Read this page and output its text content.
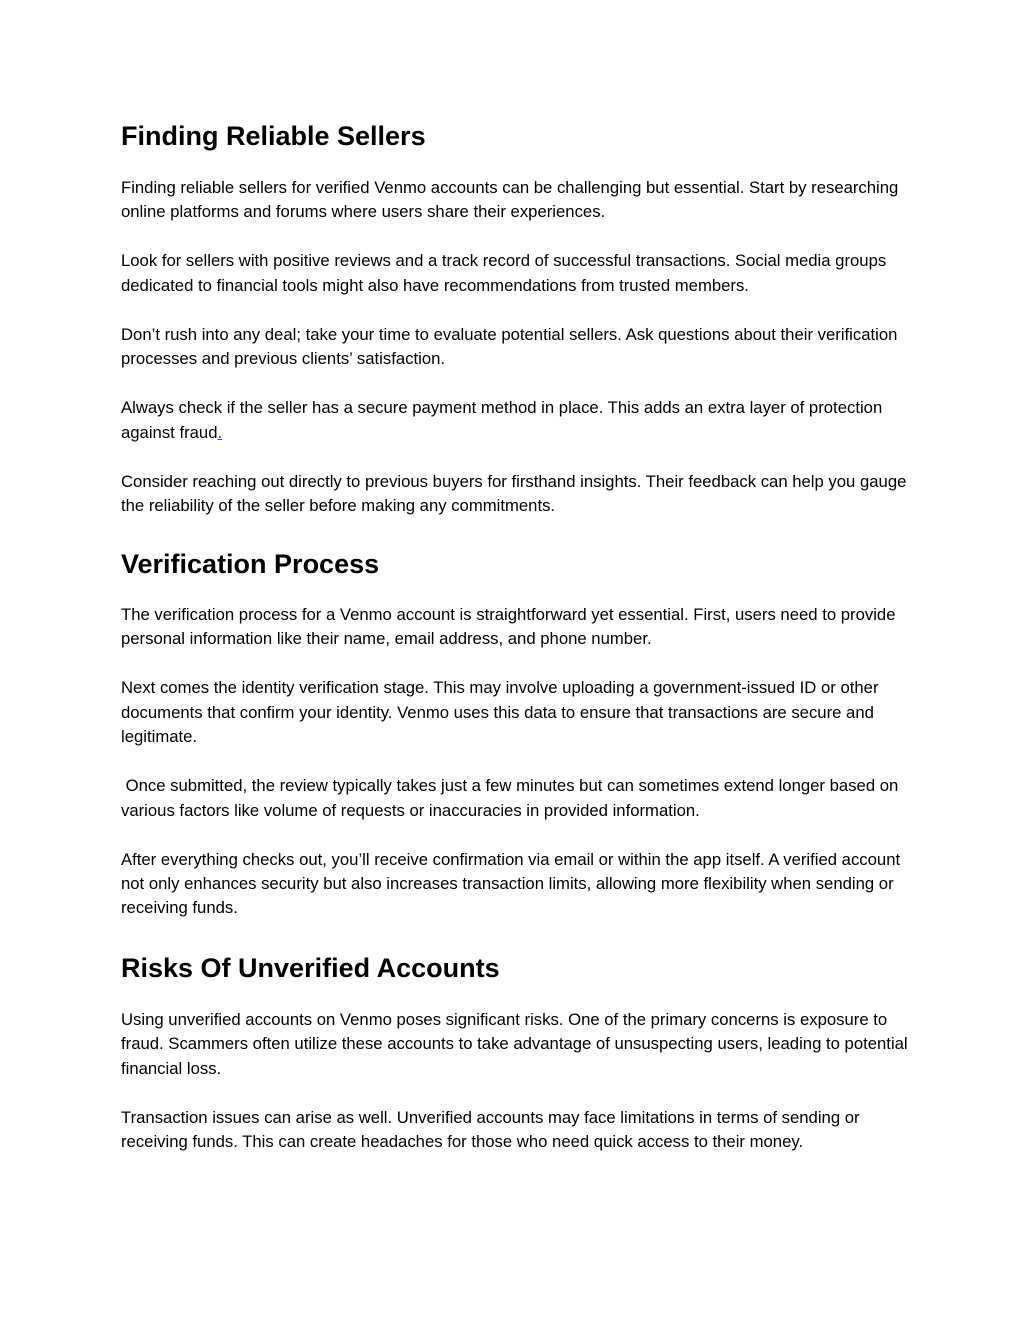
Finding Reliable Sellers

Finding reliable sellers for verified Venmo accounts can be challenging but essential. Start by researching online platforms and forums where users share their experiences.

Look for sellers with positive reviews and a track record of successful transactions. Social media groups dedicated to financial tools might also have recommendations from trusted members.

Don’t rush into any deal; take your time to evaluate potential sellers. Ask questions about their verification processes and previous clients’ satisfaction.

Always check if the seller has a secure payment method in place. This adds an extra layer of protection against fraud.

Consider reaching out directly to previous buyers for firsthand insights. Their feedback can help you gauge the reliability of the seller before making any commitments.

Verification Process

The verification process for a Venmo account is straightforward yet essential. First, users need to provide personal information like their name, email address, and phone number.

Next comes the identity verification stage. This may involve uploading a government-issued ID or other documents that confirm your identity. Venmo uses this data to ensure that transactions are secure and legitimate.

Once submitted, the review typically takes just a few minutes but can sometimes extend longer based on various factors like volume of requests or inaccuracies in provided information.

After everything checks out, you’ll receive confirmation via email or within the app itself. A verified account not only enhances security but also increases transaction limits, allowing more flexibility when sending or receiving funds.

Risks Of Unverified Accounts

Using unverified accounts on Venmo poses significant risks. One of the primary concerns is exposure to fraud. Scammers often utilize these accounts to take advantage of unsuspecting users, leading to potential financial loss.

Transaction issues can arise as well. Unverified accounts may face limitations in terms of sending or receiving funds. This can create headaches for those who need quick access to their money.
